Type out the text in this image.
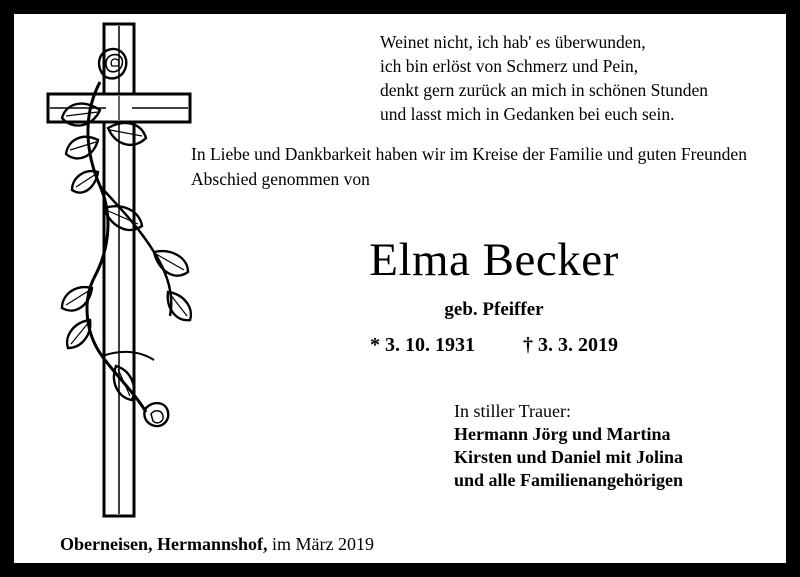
Weinet nicht, ich hab' es überwunden,
ich bin erlöst von Schmerz und Pein,
denkt gern zurück an mich in schönen Stunden
und lasst mich in Gedanken bei euch sein.
In Liebe und Dankbarkeit haben wir im Kreise der Familie und guten Freunden Abschied genommen von
Elma Becker
geb. Pfeiffer
* 3. 10. 1931 † 3. 3. 2019
In stiller Trauer:
Hermann Jörg und Martina
Kirsten und Daniel mit Jolina
und alle Familienangehörigen
Oberneisen, Hermannshof, im März 2019
